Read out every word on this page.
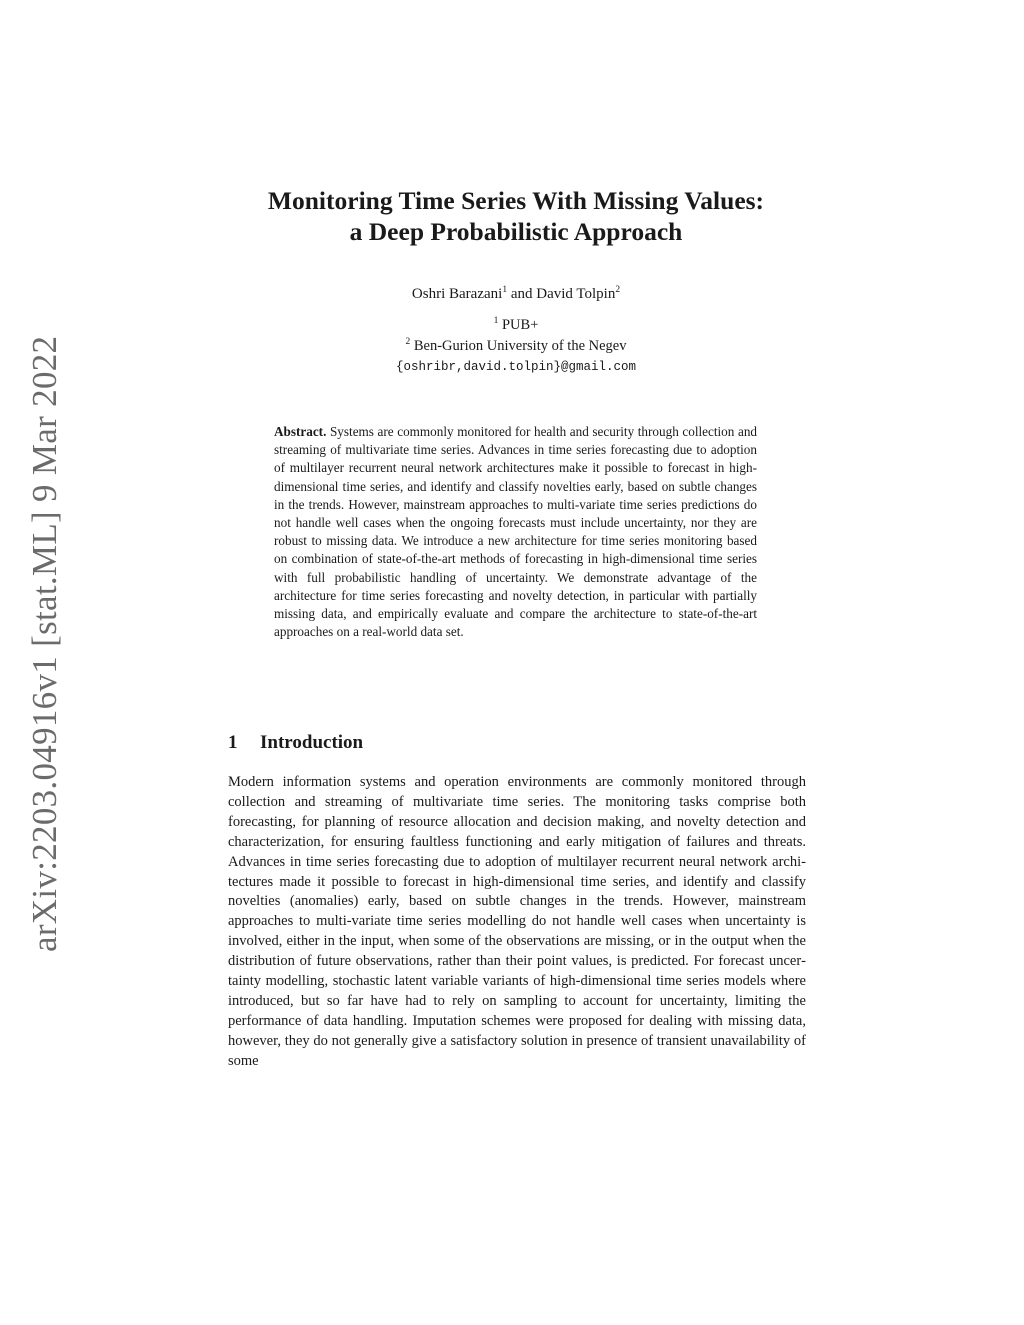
arXiv:2203.04916v1 [stat.ML] 9 Mar 2022
Monitoring Time Series With Missing Values:
a Deep Probabilistic Approach
Oshri Barazani$^1$ and David Tolpin$^2$
$^1$ PUB+
$^2$ Ben-Gurion University of the Negev
{oshribr,david.tolpin}@gmail.com
Abstract. Systems are commonly monitored for health and security through collection and streaming of multivariate time series. Advances in time series forecasting due to adoption of multilayer recurrent neural network architectures make it possible to forecast in high-dimensional time series, and identify and classify novelties early, based on subtle changes in the trends. However, mainstream approaches to multi-variate time series predictions do not handle well cases when the ongoing forecasts must include uncertainty, nor they are robust to missing data. We introduce a new architecture for time series monitoring based on combination of state-of-the-art methods of forecasting in high-dimensional time series with full probabilistic handling of uncertainty. We demonstrate advantage of the architecture for time series forecasting and novelty detection, in particular with partially missing data, and empirically evaluate and compare the architecture to state-of-the-art approaches on a real-world data set.
1 Introduction
Modern information systems and operation environments are commonly monitored through collection and streaming of multivariate time series. The monitoring tasks comprise both forecasting, for planning of resource allocation and decision making, and novelty detection and characterization, for ensuring faultless functioning and early mitigation of failures and threats. Advances in time series forecasting due to adoption of multilayer recurrent neural network architectures made it possible to forecast in high-dimensional time series, and identify and classify novelties (anomalies) early, based on subtle changes in the trends. However, mainstream approaches to multi-variate time series modelling do not handle well cases when uncertainty is involved, either in the input, when some of the observations are missing, or in the output when the distribution of future observations, rather than their point values, is predicted. For forecast uncertainty modelling, stochastic latent variable variants of high-dimensional time series models where introduced, but so far have had to rely on sampling to account for uncertainty, limiting the performance of data handling. Imputation schemes were proposed for dealing with missing data, however, they do not generally give a satisfactory solution in presence of transient unavailability of some
